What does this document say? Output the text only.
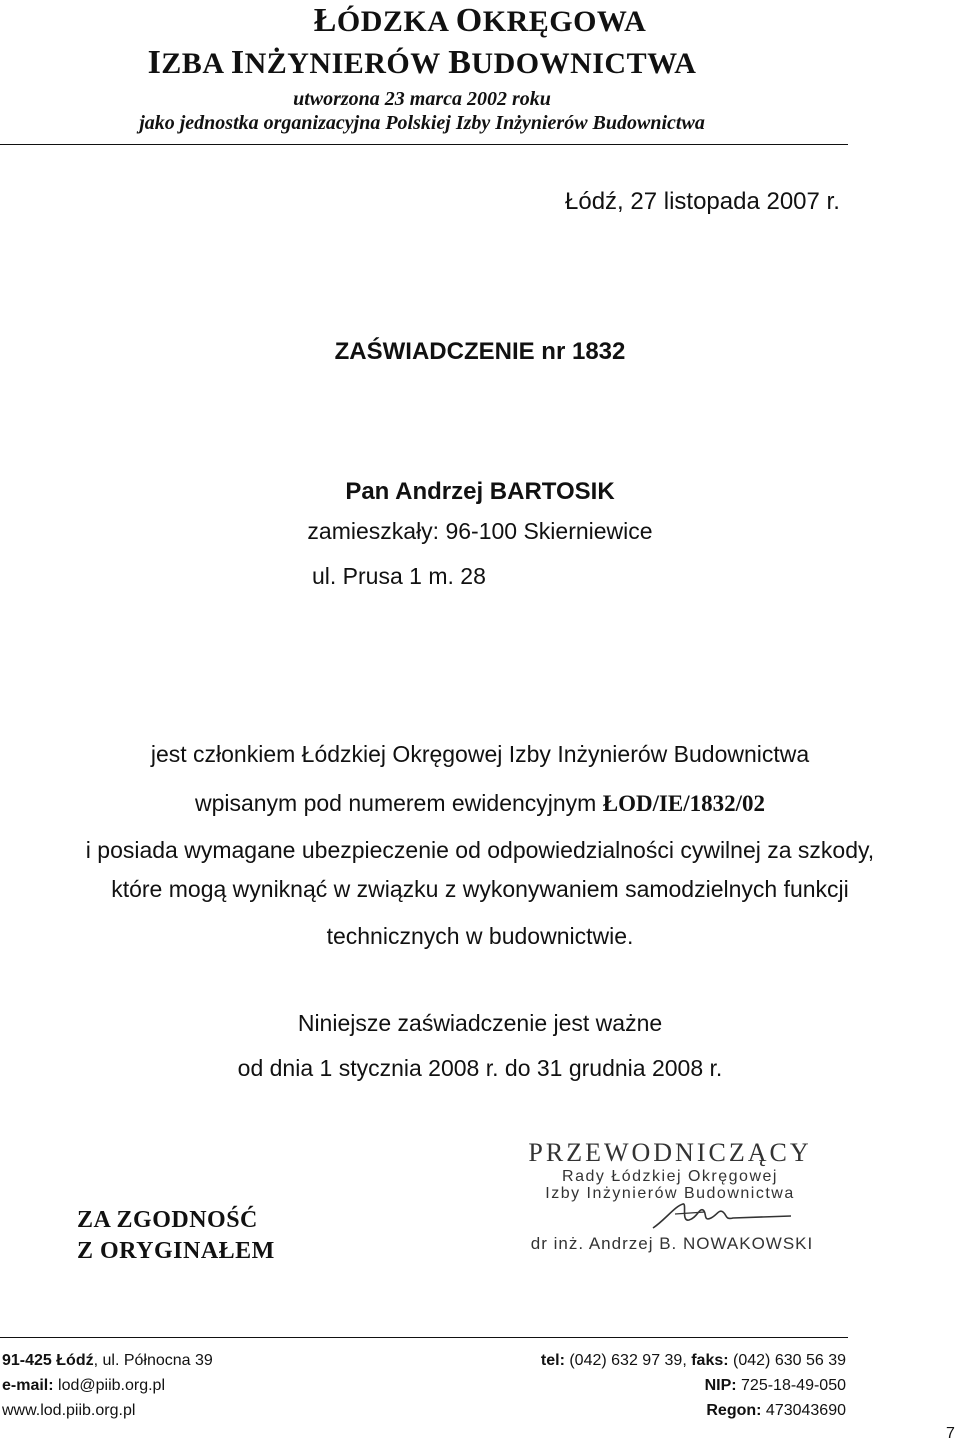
ŁÓDZKA OKRĘGOWA
IZBA INŻYNIERÓW BUDOWNICTWA
utworzona 23 marca 2002 roku
jako jednostka organizacyjna Polskiej Izby Inżynierów Budownictwa
Łódź, 27 listopada 2007 r.
ZAŚWIADCZENIE nr 1832
Pan Andrzej BARTOSIK
zamieszkały: 96-100 Skierniewice
ul. Prusa 1 m. 28
jest członkiem Łódzkiej Okręgowej Izby Inżynierów Budownictwa
wpisanym pod numerem ewidencyjnym ŁOD/IE/1832/02
i posiada wymagane ubezpieczenie od odpowiedzialności cywilnej za szkody,
które mogą wyniknąć w związku z wykonywaniem samodzielnych funkcji
technicznych w budownictwie.
Niniejsze zaświadczenie jest ważne
od dnia 1 stycznia 2008 r. do 31 grudnia 2008 r.
PRZEWODNICZĄCY
Rady Łódzkiej Okręgowej
Izby Inżynierów Budownictwa
dr inż. Andrzej B. NOWAKOWSKI
ZA ZGODNOŚĆ
Z ORYGINAŁEM
91-425 Łódź, ul. Północna 39
e-mail: lod@piib.org.pl
www.lod.piib.org.pl
tel: (042) 632 97 39, faks: (042) 630 56 39
NIP: 725-18-49-050
Regon: 473043690
7
